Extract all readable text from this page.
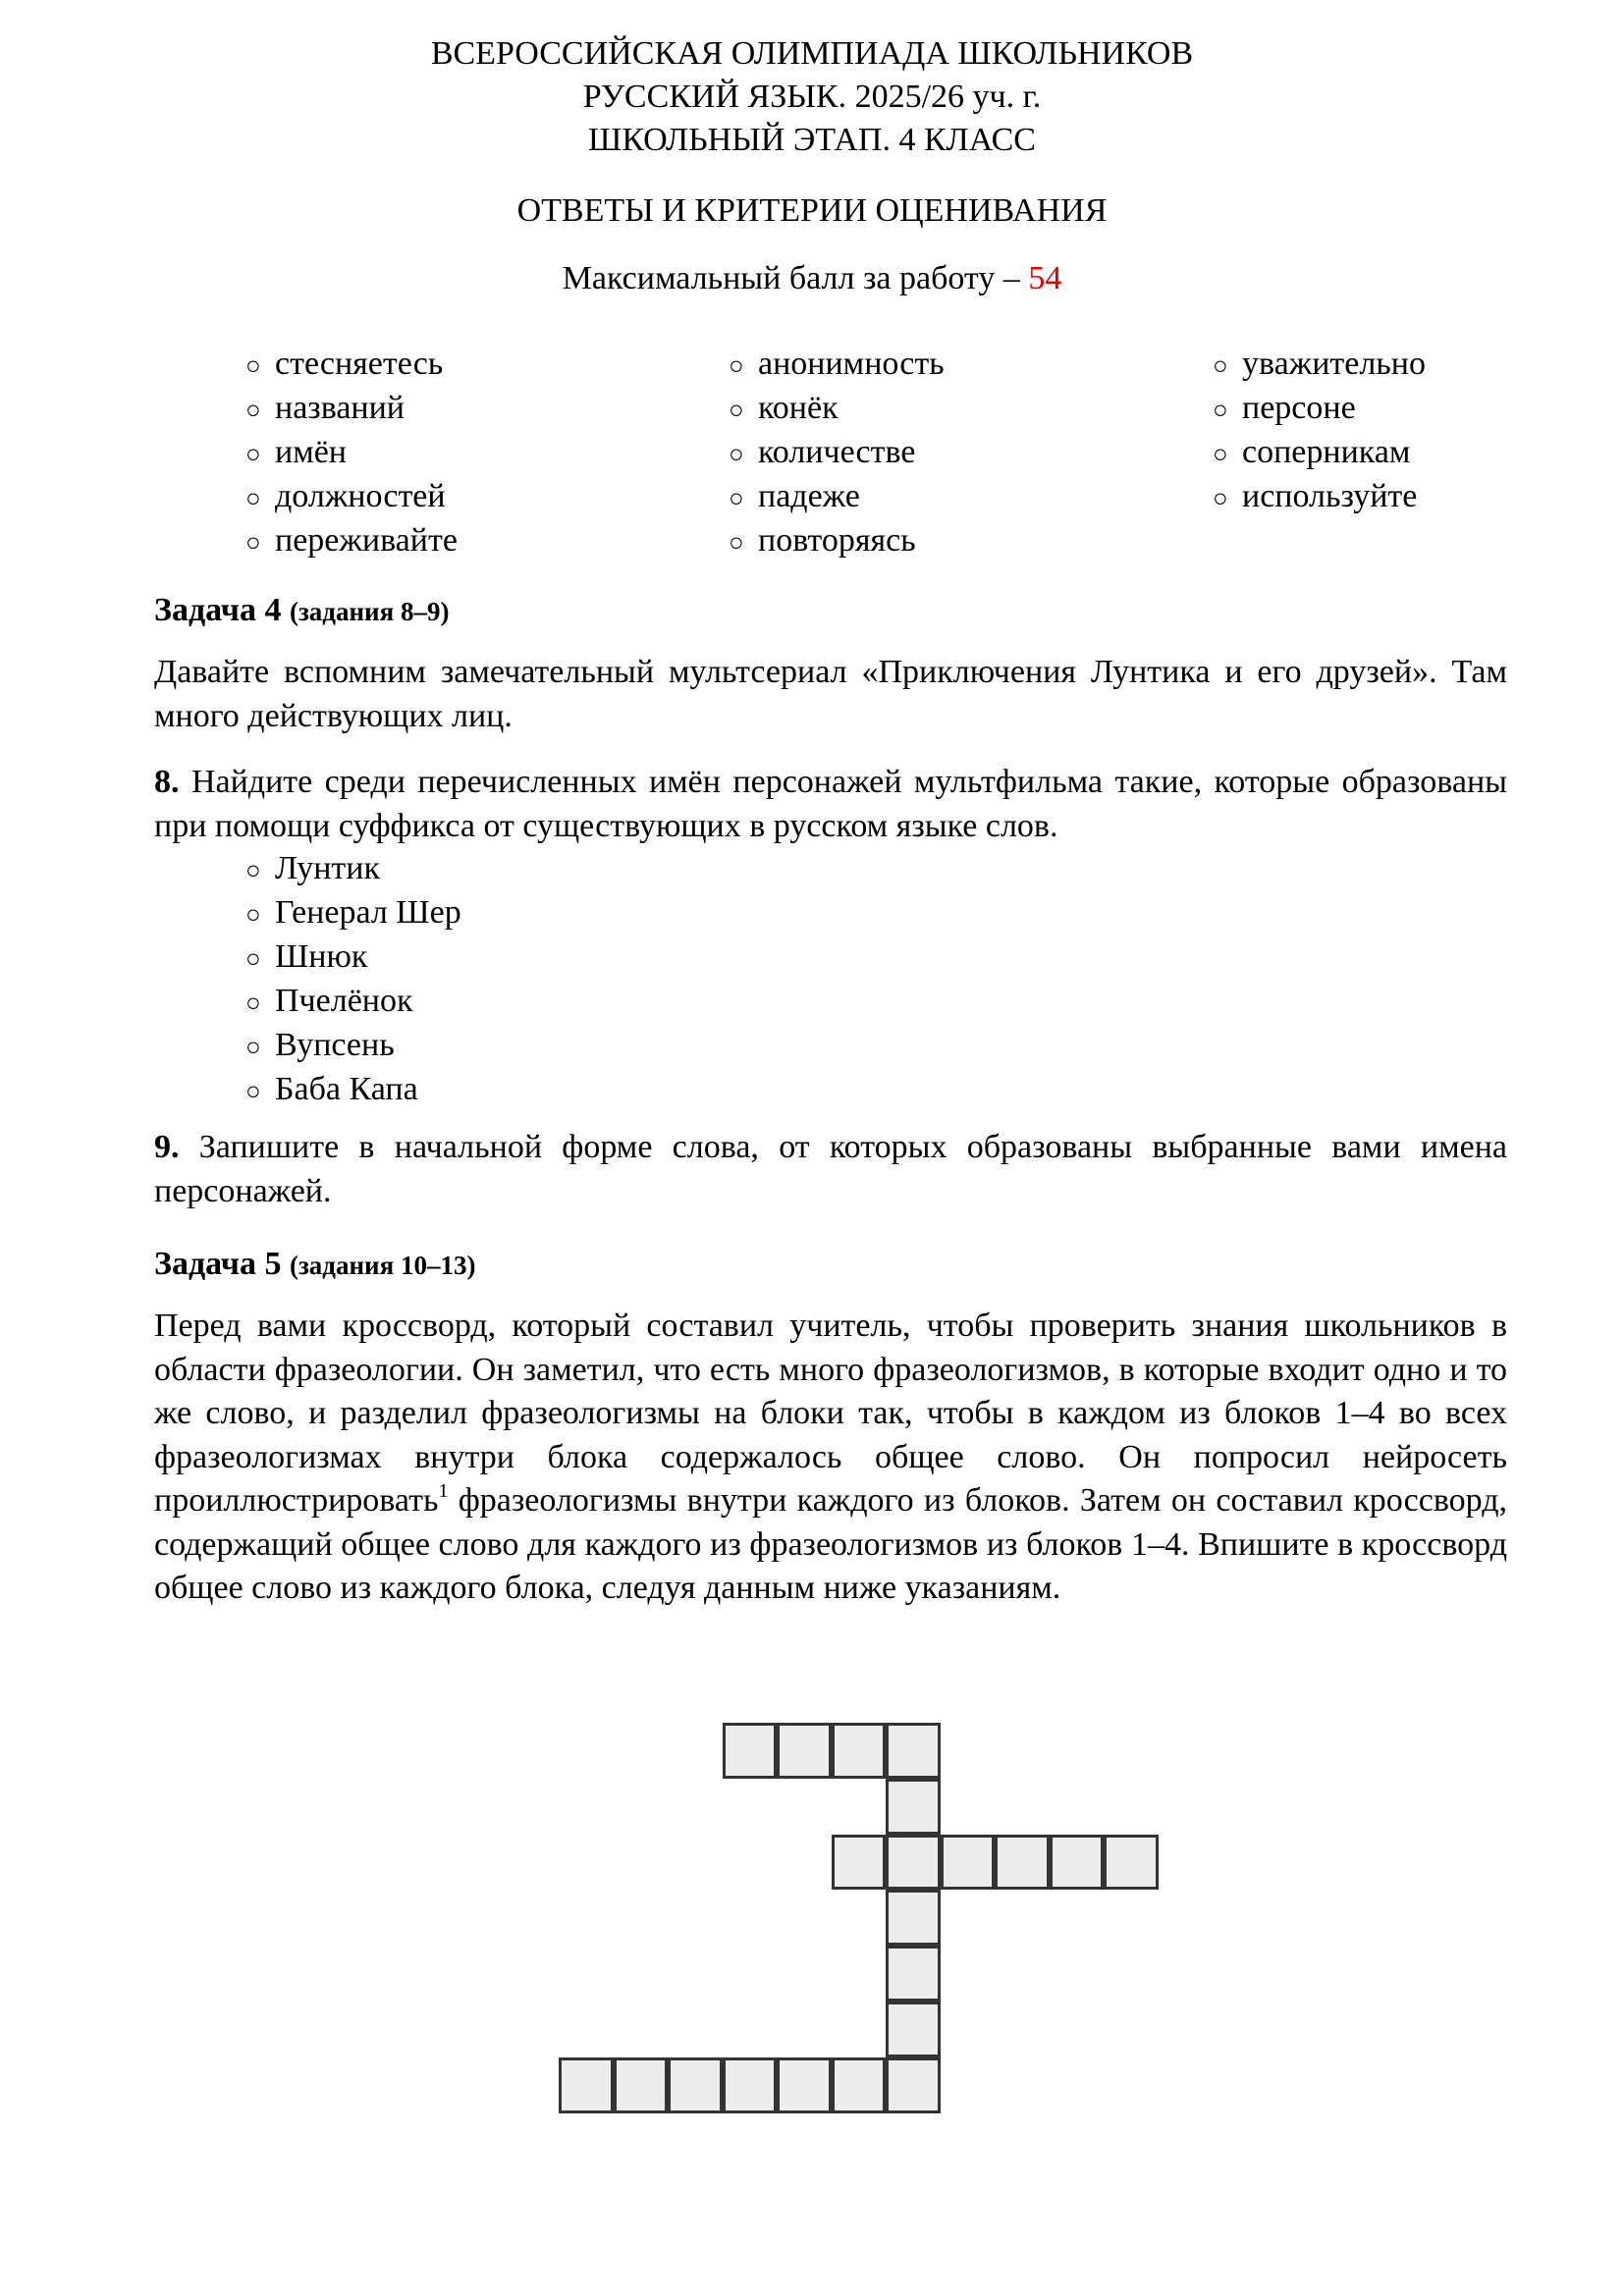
ВСЕРОССИЙСКАЯ ОЛИМПИАДА ШКОЛЬНИКОВ
РУССКИЙ ЯЗЫК. 2025/26 уч. г.
ШКОЛЬНЫЙ ЭТАП. 4 КЛАСС
ОТВЕТЫ И КРИТЕРИИ ОЦЕНИВАНИЯ
Максимальный балл за работу – 54
○ стесняетесь
○ названий
○ имён
○ должностей
○ переживайте
○ анонимность
○ конёк
○ количестве
○ падеже
○ повторяясь
○ уважительно
○ персоне
○ соперникам
○ используйте
Задача 4 (задания 8–9)
Давайте вспомним замечательный мультсериал «Приключения Лунтика и его друзей». Там много действующих лиц.
8. Найдите среди перечисленных имён персонажей мультфильма такие, которые образованы при помощи суффикса от существующих в русском языке слов.
○ Лунтик
○ Генерал Шер
○ Шнюк
○ Пчелёнок
○ Вупсень
○ Баба Капа
9. Запишите в начальной форме слова, от которых образованы выбранные вами имена персонажей.
Задача 5 (задания 10–13)
Перед вами кроссворд, который составил учитель, чтобы проверить знания школьников в области фразеологии. Он заметил, что есть много фразеологизмов, в которые входит одно и то же слово, и разделил фразеологизмы на блоки так, чтобы в каждом из блоков 1–4 во всех фразеологизмах внутри блока содержалось общее слово. Он попросил нейросеть проиллюстрировать$^1$ фразеологизмы внутри каждого из блоков. Затем он составил кроссворд, содержащий общее слово для каждого из фразеологизмов из блоков 1–4. Впишите в кроссворд общее слово из каждого блока, следуя данным ниже указаниям.
